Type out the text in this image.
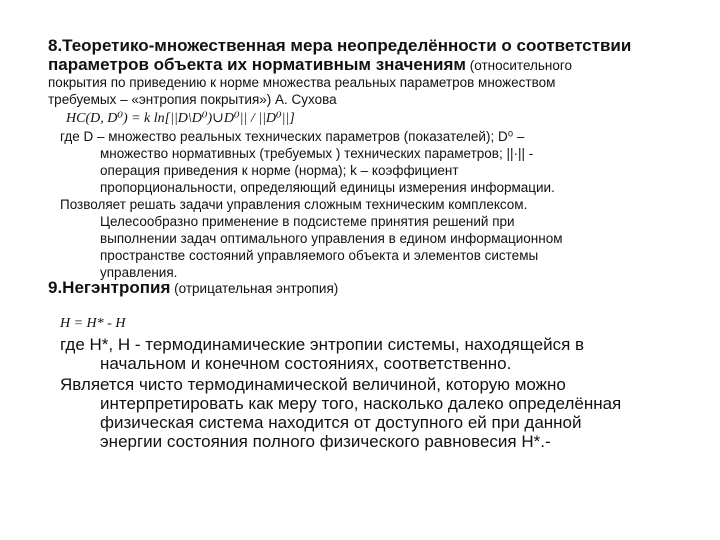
8.Теоретико-множественная мера неопределённости о соответствии
параметров объекта их нормативным значениям (относительного
покрытия по приведению к норме множества реальных параметров множеством
требуемых – «энтропия покрытия») А. Сухова
HC(D, D⁰) = k ln[||D\D⁰)∪D⁰|| / ||D⁰||]
где D – множество реальных технических параметров (показателей); D⁰ –
множество нормативных (требуемых ) технических параметров; ||·|| -
операция приведения к норме (норма); k – коэффициент
пропорциональности, определяющий единицы измерения информации.
Позволяет решать задачи управления сложным техническим комплексом.
Целесообразно применение в подсистеме принятия решений при
выполнении задач оптимального управления в едином информационном
пространстве состояний управляемого объекта и элементов системы
управления.
9.Негэнтропия (отрицательная энтропия)
H = H* - H
где H*, H - термодинамические энтропии системы, находящейся в
начальном и конечном состояниях, соответственно.
Является чисто термодинамической величиной, которую можно
интерпретировать как меру того, насколько далеко определённая
физическая система находится от доступного ей при данной
энергии состояния полного физического равновесия H*.-
